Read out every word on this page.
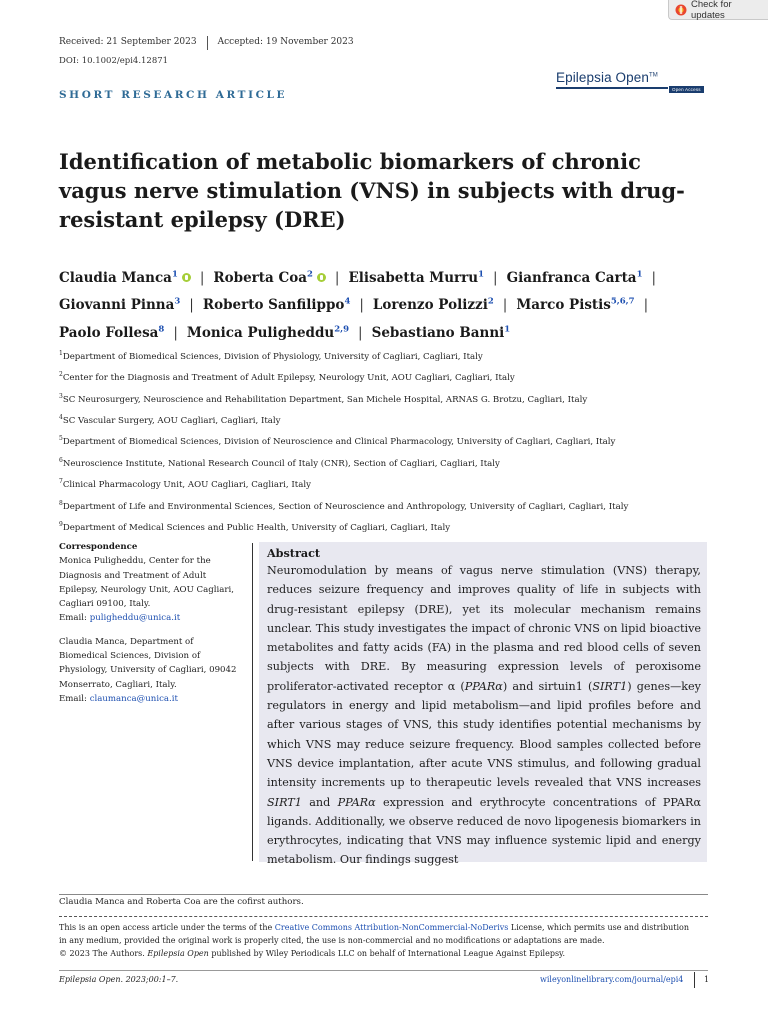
Check for updates
Received: 21 September 2023 Accepted: 19 November 2023
DOI: 10.1002/epi4.12871
Epilepsia Open™
Open Access
SHORT RESEARCH ARTICLE
Identification of metabolic biomarkers of chronic vagus nerve stimulation (VNS) in subjects with drug-resistant epilepsy (DRE)
Claudia Manca$^1$ | Roberta Coa$^2$ | Elisabetta Murru$^1$ | Gianfranca Carta$^1$ |
Giovanni Pinna$^3$ | Roberto Sanfilippo$^4$ | Lorenzo Polizzi$^2$ | Marco Pistis$^{5,6,7}$ |
Paolo Follesa$^8$ | Monica Puligheddu$^{2,9}$ | Sebastiano Banni$^1$
$^1$Department of Biomedical Sciences, Division of Physiology, University of Cagliari, Cagliari, Italy
$^2$Center for the Diagnosis and Treatment of Adult Epilepsy, Neurology Unit, AOU Cagliari, Cagliari, Italy
$^3$SC Neurosurgery, Neuroscience and Rehabilitation Department, San Michele Hospital, ARNAS G. Brotzu, Cagliari, Italy
$^4$SC Vascular Surgery, AOU Cagliari, Cagliari, Italy
$^5$Department of Biomedical Sciences, Division of Neuroscience and Clinical Pharmacology, University of Cagliari, Cagliari, Italy
$^6$Neuroscience Institute, National Research Council of Italy (CNR), Section of Cagliari, Cagliari, Italy
$^7$Clinical Pharmacology Unit, AOU Cagliari, Cagliari, Italy
$^8$Department of Life and Environmental Sciences, Section of Neuroscience and Anthropology, University of Cagliari, Cagliari, Italy
$^9$Department of Medical Sciences and Public Health, University of Cagliari, Cagliari, Italy
Correspondence
Monica Puligheddu, Center for the Diagnosis and Treatment of Adult Epilepsy, Neurology Unit, AOU Cagliari, Cagliari 09100, Italy.
Email: puligheddu@unica.it
Claudia Manca, Department of Biomedical Sciences, Division of Physiology, University of Cagliari, 09042 Monserrato, Cagliari, Italy.
Email: claumanca@unica.it
Abstract
Neuromodulation by means of vagus nerve stimulation (VNS) therapy, reduces seizure frequency and improves quality of life in subjects with drug-resistant epilepsy (DRE), yet its molecular mechanism remains unclear. This study investigates the impact of chronic VNS on lipid bioactive metabolites and fatty acids (FA) in the plasma and red blood cells of seven subjects with DRE. By measuring expression levels of peroxisome proliferator-activated receptor α (PPARα) and sirtuin1 (SIRT1) genes—key regulators in energy and lipid metabolism—and lipid profiles before and after various stages of VNS, this study identifies potential mechanisms by which VNS may reduce seizure frequency. Blood samples collected before VNS device implantation, after acute VNS stimulus, and following gradual intensity increments up to therapeutic levels revealed that VNS increases SIRT1 and PPARα expression and erythrocyte concentrations of PPARα ligands. Additionally, we observe reduced de novo lipogenesis biomarkers in erythrocytes, indicating that VNS may influence systemic lipid and energy metabolism. Our findings suggest
Claudia Manca and Roberta Coa are the cofirst authors.
This is an open access article under the terms of the Creative Commons Attribution-NonCommercial-NoDerivs License, which permits use and distribution in any medium, provided the original work is properly cited, the use is non-commercial and no modifications or adaptations are made.
© 2023 The Authors. Epilepsia Open published by Wiley Periodicals LLC on behalf of International League Against Epilepsy.
Epilepsia Open. 2023;00:1–7.	wileyonlinelibrary.com/journal/epi4	1
